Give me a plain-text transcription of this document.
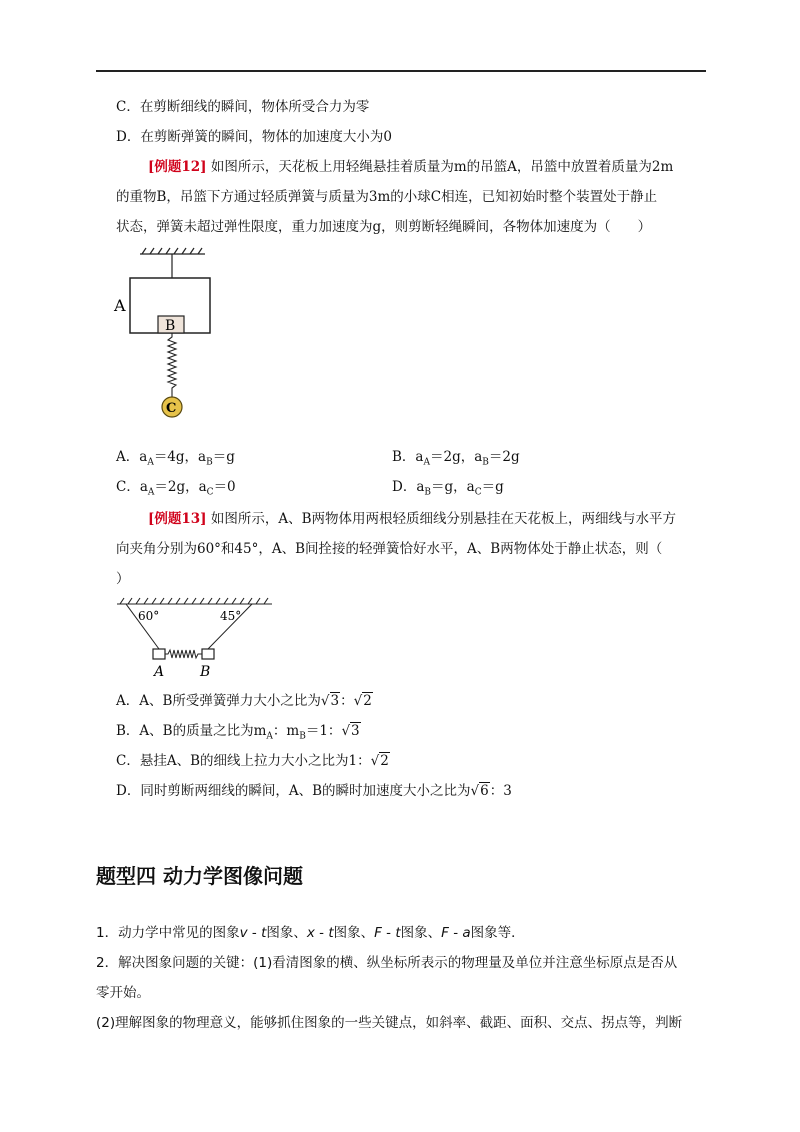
C．在剪断细线的瞬间，物体所受合力为零
D．在剪断弹簧的瞬间，物体的加速度大小为0
[例题12] 如图所示，天花板上用轻绳悬挂着质量为m的吊篮A，吊篮中放置着质量为2m
的重物B，吊篮下方通过轻质弹簧与质量为3m的小球C相连，已知初始时整个装置处于静止
状态，弹簧未超过弹性限度，重力加速度为g，则剪断轻绳瞬间，各物体加速度为（　　）
A
B
C
A．$a_A=4g$，$a_B=g$	B．$a_A=2g$，$a_B=2g$
C．$a_A=2g$，$a_C=0$	D．$a_B=g$，$a_C=g$
[例题13] 如图所示，A、B两物体用两根轻质细线分别悬挂在天花板上，两细线与水平方
向夹角分别为60°和45°，A、B间拴接的轻弹簧恰好水平，A、B两物体处于静止状态，则（
）
60°	45°
A	B
A．A、B所受弹簧弹力大小之比为√3：√2
B．A、B的质量之比为$m_A$：$m_B=1$：√3
C．悬挂A、B的细线上拉力大小之比为1：√2
D．同时剪断两细线的瞬间，A、B的瞬时加速度大小之比为√6：3
题型四 动力学图像问题
1．动力学中常见的图象v - t图象、x - t图象、F - t图象、F - a图象等．
2．解决图象问题的关键：(1)看清图象的横、纵坐标所表示的物理量及单位并注意坐标原点是否从
零开始。
(2)理解图象的物理意义，能够抓住图象的一些关键点，如斜率、截距、面积、交点、拐点等，判断
